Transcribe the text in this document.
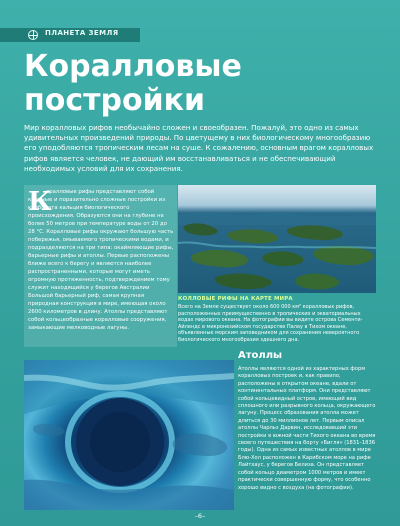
ПЛАНЕТА ЗЕМЛЯ
Коралловые
постройки
Мир коралловых рифов необычайно сложен и своеобразен. Пожалуй, это одно из самых удивительных произведений природы. По цветущему в них биологическому многообразию его уподобляются тропическим лесам на суше. К сожалению, основным врагом коралловых рифов является человек, не дающий им восстанавливаться и не обеспечивающий необходимых условий для их сохранения.
К
оралловые рифы представляют собой крупные и поразительно сложные постройки из карбоната кальция биологического происхождения. Образуются они на глубине не более 50 метров при температуре воды от 20 до 28 °С. Коралловые рифы окружают большую часть побережья, омываемого тропическими водами, и подразделяются на три типа: окаймляющие рифы, барьерные рифы и атоллы. Первые расположены ближе всего к берегу и являются наиболее распространенными, которые могут иметь огромную протяженность, подтверждением тому служит находящийся у берегов Австралии Большой барьерный риф, самая крупная природная конструкция в мире, имеющая около 2600 километров в длину. Атоллы представляют собой кольцеобразные коралловые сооружения, замыкающие мелководные лагуны.
КОЛЛОВЫЕ РИФЫ НА КАРТЕ МИРА
Всего на Земле существует около 600 000 км² коралловых рифов, расположенных преимущественно в тропических и экваториальных водах мирового океана. На фотографии вы видите острова Сементи-Айлендс в микронезийском государстве Палау в Тихом океане, объявленные морским заповедником для сохранения невероятного биологического многообразия здешнего дна.
Атоллы
Атоллы являются одной из характерных форм коралловых построек и, как правило, расположены в открытом океане, вдали от континентальных платформ. Они представляют собой кольцевидный остров, имеющий вид сплошного или разрывного кольца, окружающего лагуну. Процесс образования атолла может длиться до 30 миллионов лет. Первым описал атоллы Чарльз Дарвин, исследовавший эти постройки в южной части Тихого океана во время своего путешествия на борту «Бигля» (1831–1836 годы). Одна из самых известных атоллов в мире Блю-Хол расположен в Карибском море на рифе Лайтхаус, у берегов Белиза. Он представляет собой кольцо диаметром 1000 метров и имеет практически совершенную форму, что особенно хорошо видно с воздуха (на фотографии).
–6–
